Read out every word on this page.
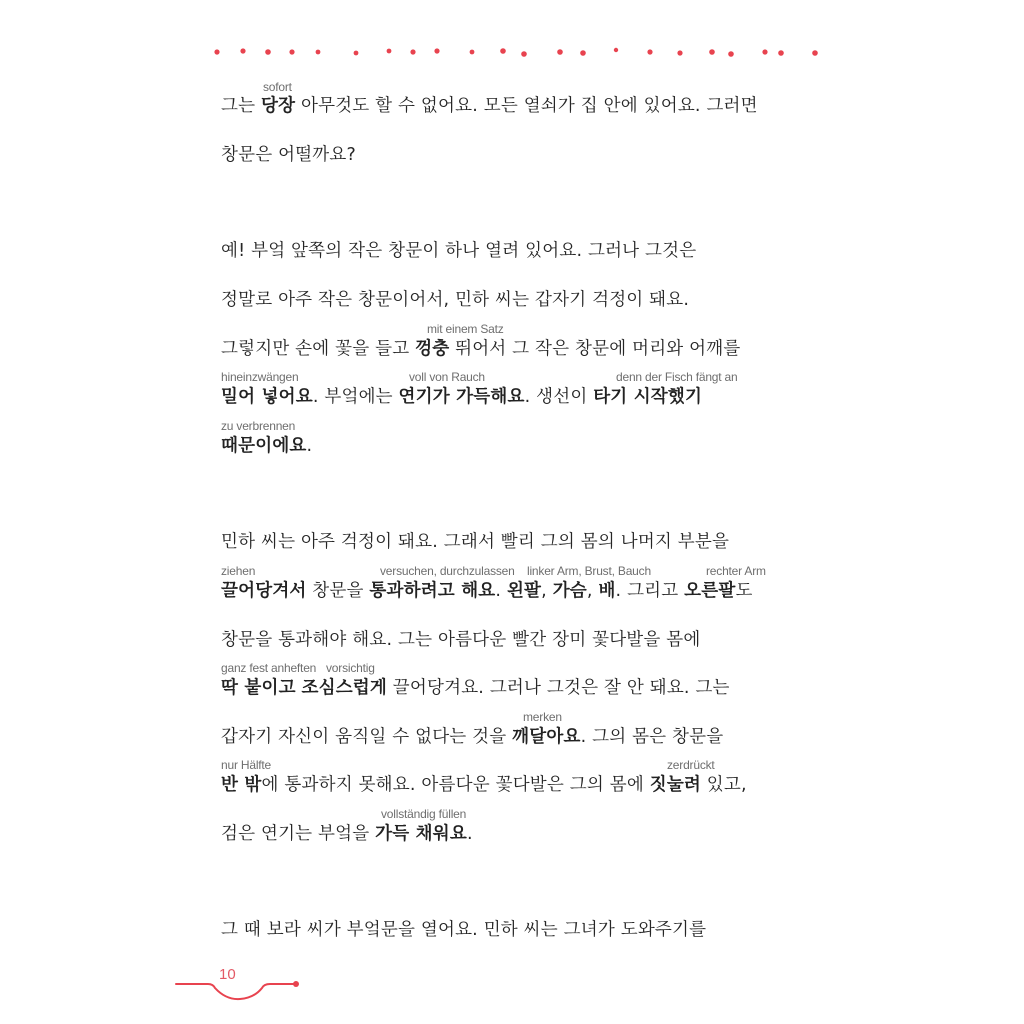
그는 당장 아무것도 할 수 없어요. 모든 열쇠가 집 안에 있어요. 그러면
창문은 어떨까요?
예! 부엌 앞쪽의 작은 창문이 하나 열려 있어요. 그러나 그것은
정말로 아주 작은 창문이어서, 민하 씨는 갑자기 걱정이 돼요.
그렇지만 손에 꽃을 들고 껑충 뛰어서 그 작은 창문에 머리와 어깨를
밀어 넣어요. 부엌에는 연기가 가득해요. 생선이 타기 시작했기
때문이에요.
민하 씨는 아주 걱정이 돼요. 그래서 빨리 그의 몸의 나머지 부분을
끌어당겨서 창문을 통과하려고 해요. 왼팔, 가슴, 배. 그리고 오른팔도
창문을 통과해야 해요. 그는 아름다운 빨간 장미 꽃다발을 몸에
딱 붙이고 조심스럽게 끌어당겨요. 그러나 그것은 잘 안 돼요. 그는
갑자기 자신이 움직일 수 없다는 것을 깨달아요. 그의 몸은 창문을
반 밖에 통과하지 못해요. 아름다운 꽃다발은 그의 몸에 짓눌려 있고,
검은 연기는 부엌을 가득 채워요.
그 때 보라 씨가 부엌문을 열어요. 민하 씨는 그녀가 도와주기를
sofort
mit einem Satz
hineinzwängen	voll von Rauch	denn der Fisch fängt an
zu verbrennen
ziehen	versuchen, durchzulassen linker Arm, Brust, Bauch	rechter Arm
ganz fest anheften vorsichtig
merken
nur Hälfte	zerdrückt
vollständig füllen
10
